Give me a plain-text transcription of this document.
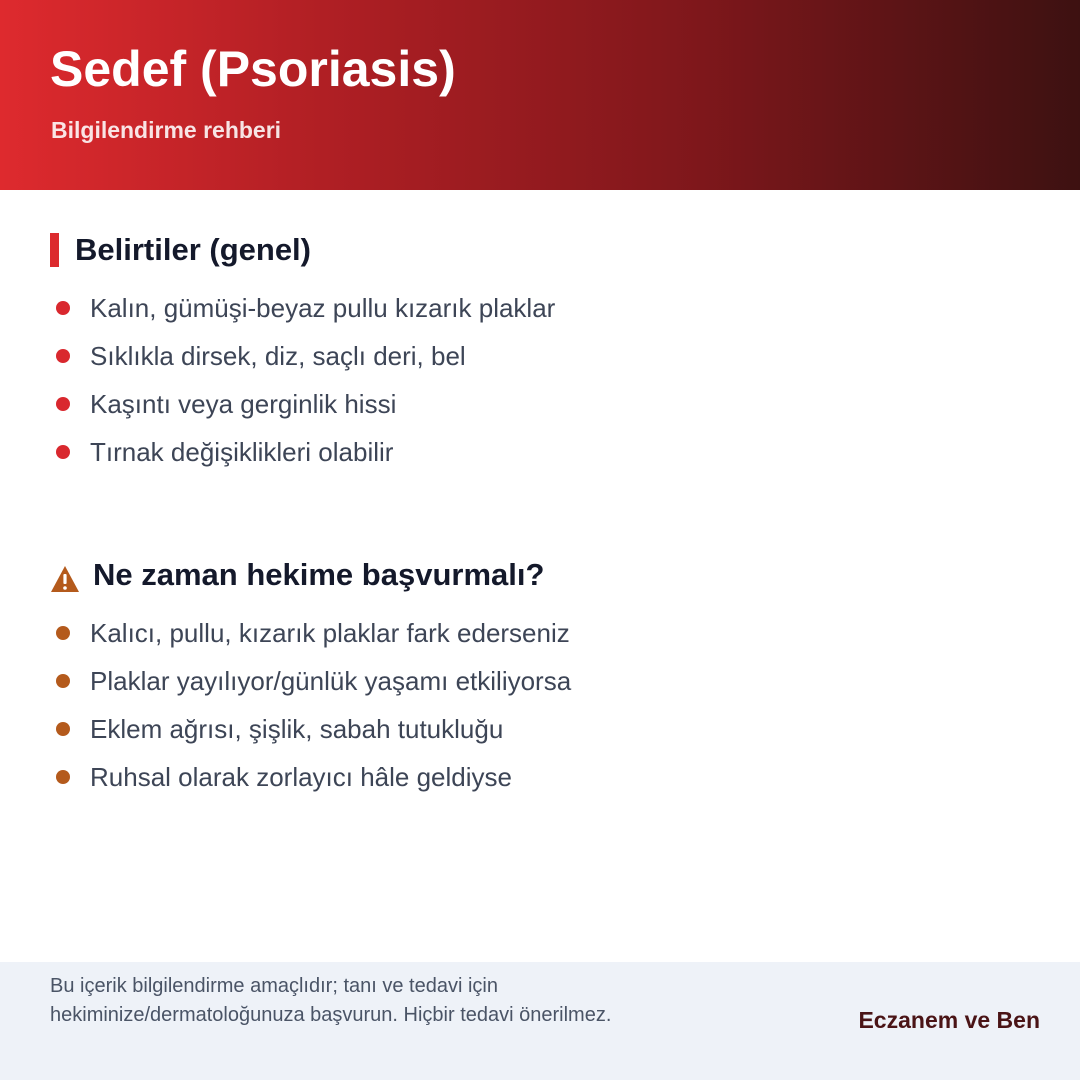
Sedef (Psoriasis)

Bilgilendirme rehberi

Belirtiler (genel)
Kalın, gümüşi-beyaz pullu kızarık plaklar
Sıklıkla dirsek, diz, saçlı deri, bel
Kaşıntı veya gerginlik hissi
Tırnak değişiklikleri olabilir
Ne zaman hekime başvurmalı?
Kalıcı, pullu, kızarık plaklar fark ederseniz
Plaklar yayılıyor/günlük yaşamı etkiliyorsa
Eklem ağrısı, şişlik, sabah tutukluğu
Ruhsal olarak zorlayıcı hâle geldiyse

Bu içerik bilgilendirme amaçlıdır; tanı ve tedavi için
hekiminize/dermatoloğunuza başvurun. Hiçbir tedavi önerilmez.	Eczanem ve Ben
